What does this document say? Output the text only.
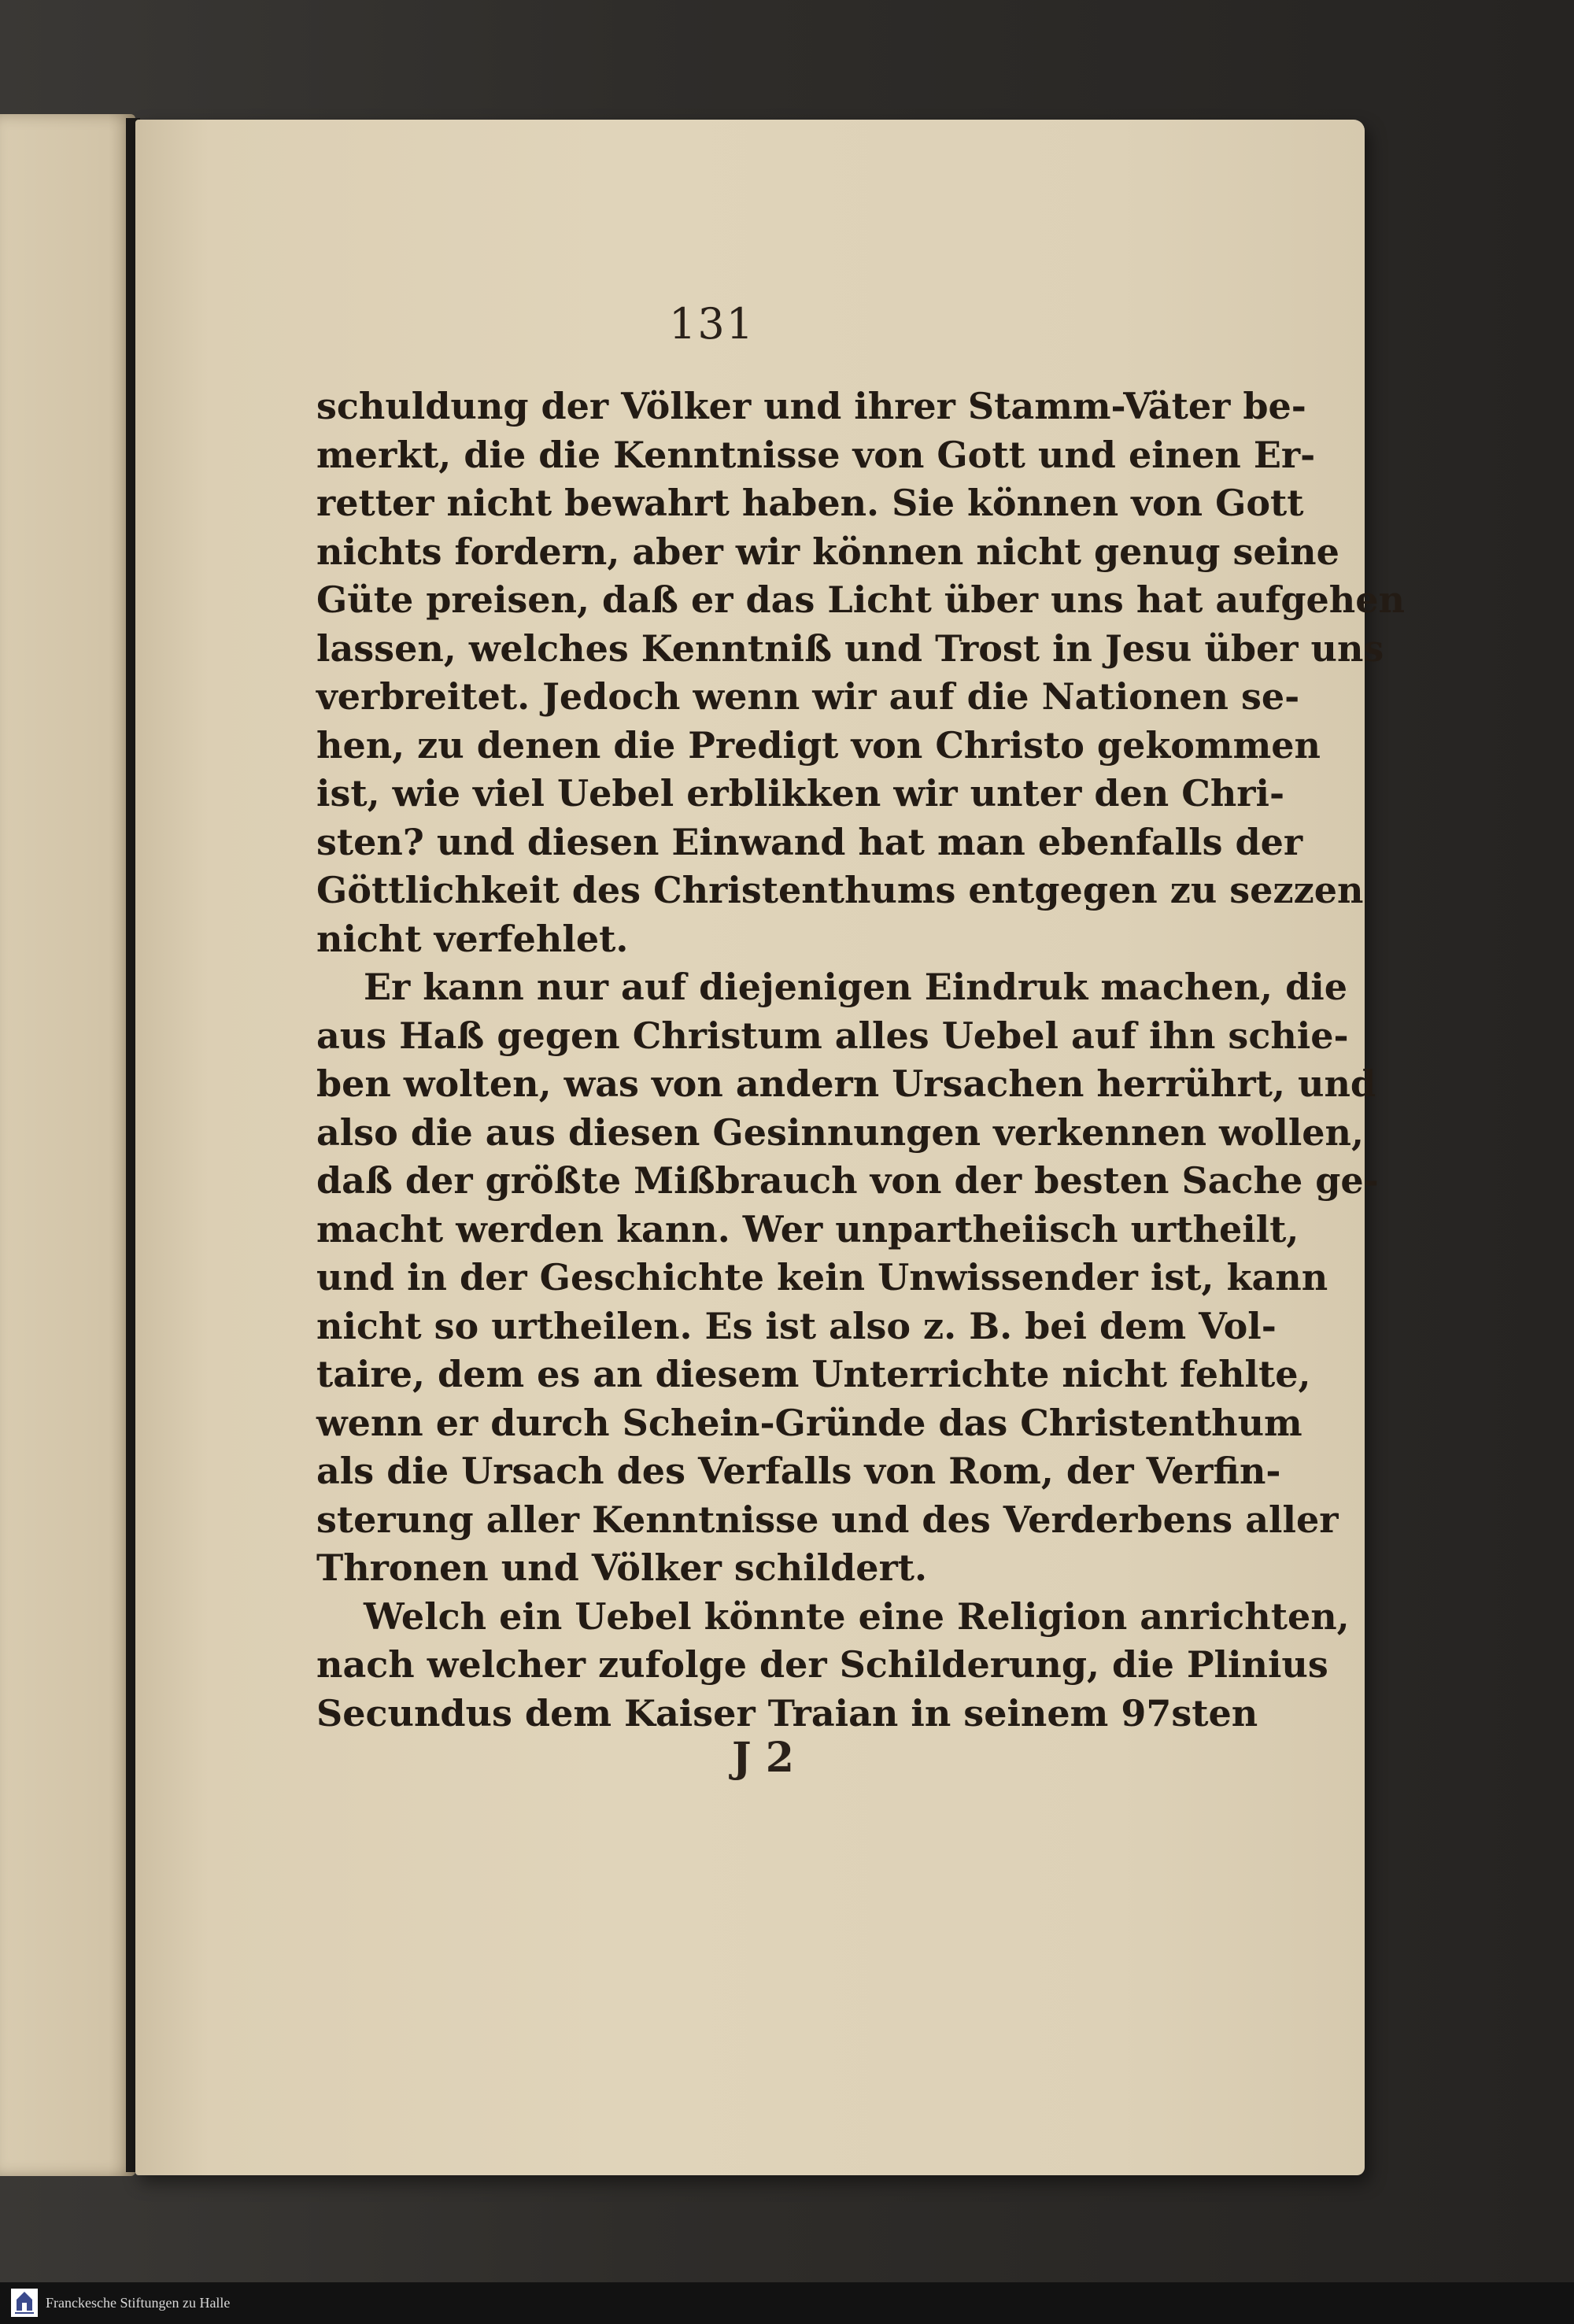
131
schuldung der Völker und ihrer Stamm-Väter be-
merkt, die die Kenntnisse von Gott und einen Er-
retter nicht bewahrt haben. Sie können von Gott
nichts fordern, aber wir können nicht genug seine
Güte preisen, daß er das Licht über uns hat aufgehen
lassen, welches Kenntniß und Trost in Jesu über uns
verbreitet. Jedoch wenn wir auf die Nationen se-
hen, zu denen die Predigt von Christo gekommen
ist, wie viel Uebel erblikken wir unter den Chri-
sten? und diesen Einwand hat man ebenfalls der
Göttlichkeit des Christenthums entgegen zu sezzen
nicht verfehlet.
Er kann nur auf diejenigen Eindruk machen, die
aus Haß gegen Christum alles Uebel auf ihn schie-
ben wolten, was von andern Ursachen herrührt, und
also die aus diesen Gesinnungen verkennen wollen,
daß der größte Mißbrauch von der besten Sache ge-
macht werden kann. Wer unpartheiisch urtheilt,
und in der Geschichte kein Unwissender ist, kann
nicht so urtheilen. Es ist also z. B. bei dem Vol-
taire, dem es an diesem Unterrichte nicht fehlte,
wenn er durch Schein-Gründe das Christenthum
als die Ursach des Verfalls von Rom, der Verfin-
sterung aller Kenntnisse und des Verderbens aller
Thronen und Völker schildert.
Welch ein Uebel könnte eine Religion anrichten,
nach welcher zufolge der Schilderung, die Plinius
Secundus dem Kaiser Traian in seinem 97sten
J 2
Franckesche Stiftungen zu Halle
